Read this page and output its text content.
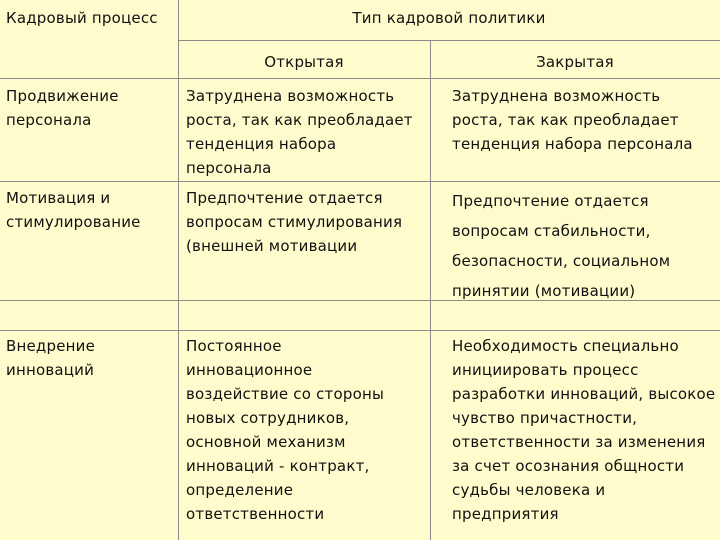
Кадровый процесс	Тип кадровой политики
Открытая	Закрытая
Продвижение персонала
Затруднена возможность роста, так как преобладает тенденция набора персонала
Затруднена возможность роста, так как преобладает тенденция набора персонала
Мотивация и стимулирование
Предпочтение отдается вопросам стимулирования (внешней мотивации
Предпочтение отдается вопросам стабильности, безопасности, социальном принятии (мотивации)
Внедрение инноваций
Постоянное инновационное воздействие со стороны новых сотрудников, основной механизм инноваций - контракт, определение ответственности
Необходимость специально инициировать процесс разработки инноваций, высокое чувство причастности, ответственности за изменения за счет осознания общности судьбы человека и предприятия
